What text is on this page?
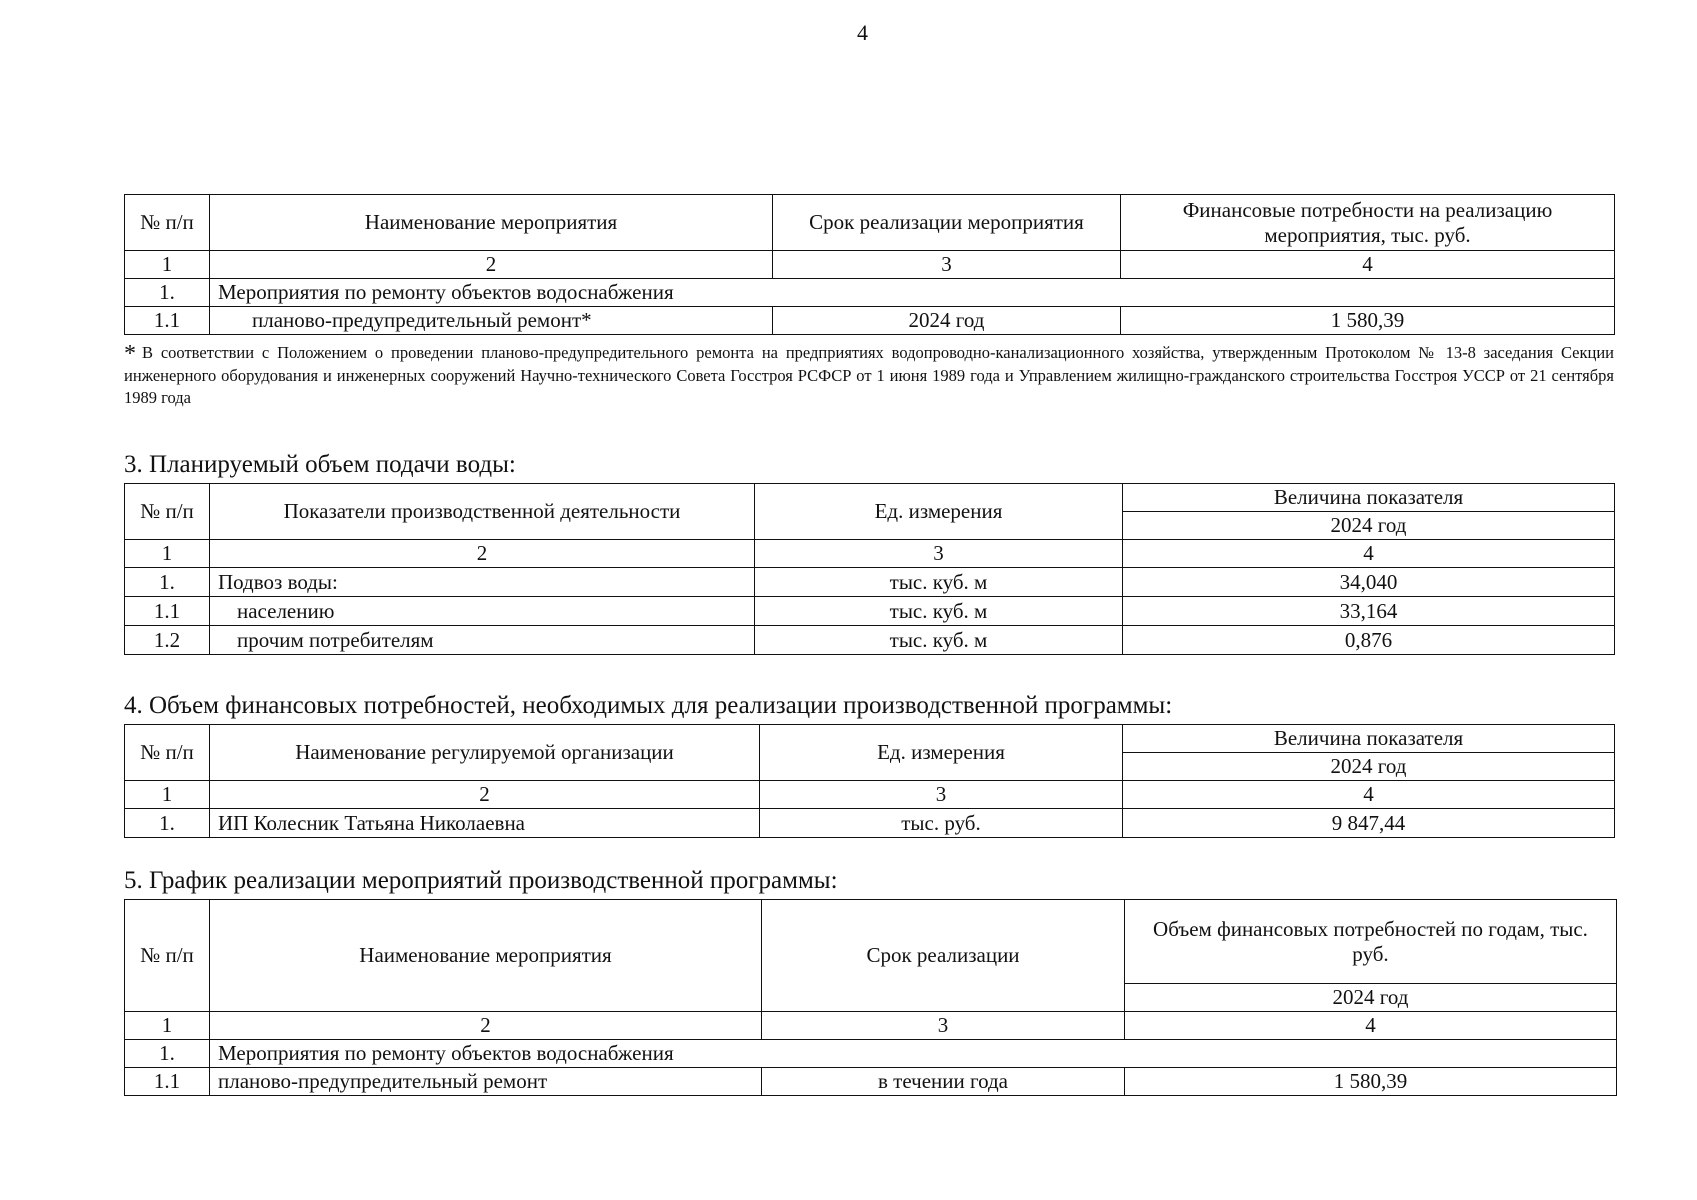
4
№ п/п	Наименование мероприятия	Срок реализации мероприятия	Финансовые потребности на реализацию мероприятия, тыс. руб.
1	2	3	4
1.	Мероприятия по ремонту объектов водоснабжения		
1.1	планово-предупредительный ремонт*	2024 год	1 580,39
* В соответствии с Положением о проведении планово-предупредительного ремонта на предприятиях водопроводно-канализационного хозяйства, утвержденным Протоколом № 13-8 заседания Секции инженерного оборудования и инженерных сооружений Научно-технического Совета Госстроя РСФСР от 1 июня 1989 года и Управлением жилищно-гражданского строительства Госстроя УССР от 21 сентября 1989 года
3. Планируемый объем подачи воды:
№ п/п	Показатели производственной деятельности	Ед. измерения	Величина показателя
			2024 год
1	2	3	4
1.	Подвоз воды:	тыс. куб. м	34,040
1.1	населению	тыс. куб. м	33,164
1.2	прочим потребителям	тыс. куб. м	0,876
4. Объем финансовых потребностей, необходимых для реализации производственной программы:
№ п/п	Наименование регулируемой организации	Ед. измерения	Величина показателя
			2024 год
1	2	3	4
1.	ИП Колесник Татьяна Николаевна	тыс. руб.	9 847,44
5. График реализации мероприятий производственной программы:
№ п/п	Наименование мероприятия	Срок реализации	Объем финансовых потребностей по годам, тыс. руб.
			2024 год
1	2	3	4
1.	Мероприятия по ремонту объектов водоснабжения		
1.1	планово-предупредительный ремонт	в течении года	1 580,39
